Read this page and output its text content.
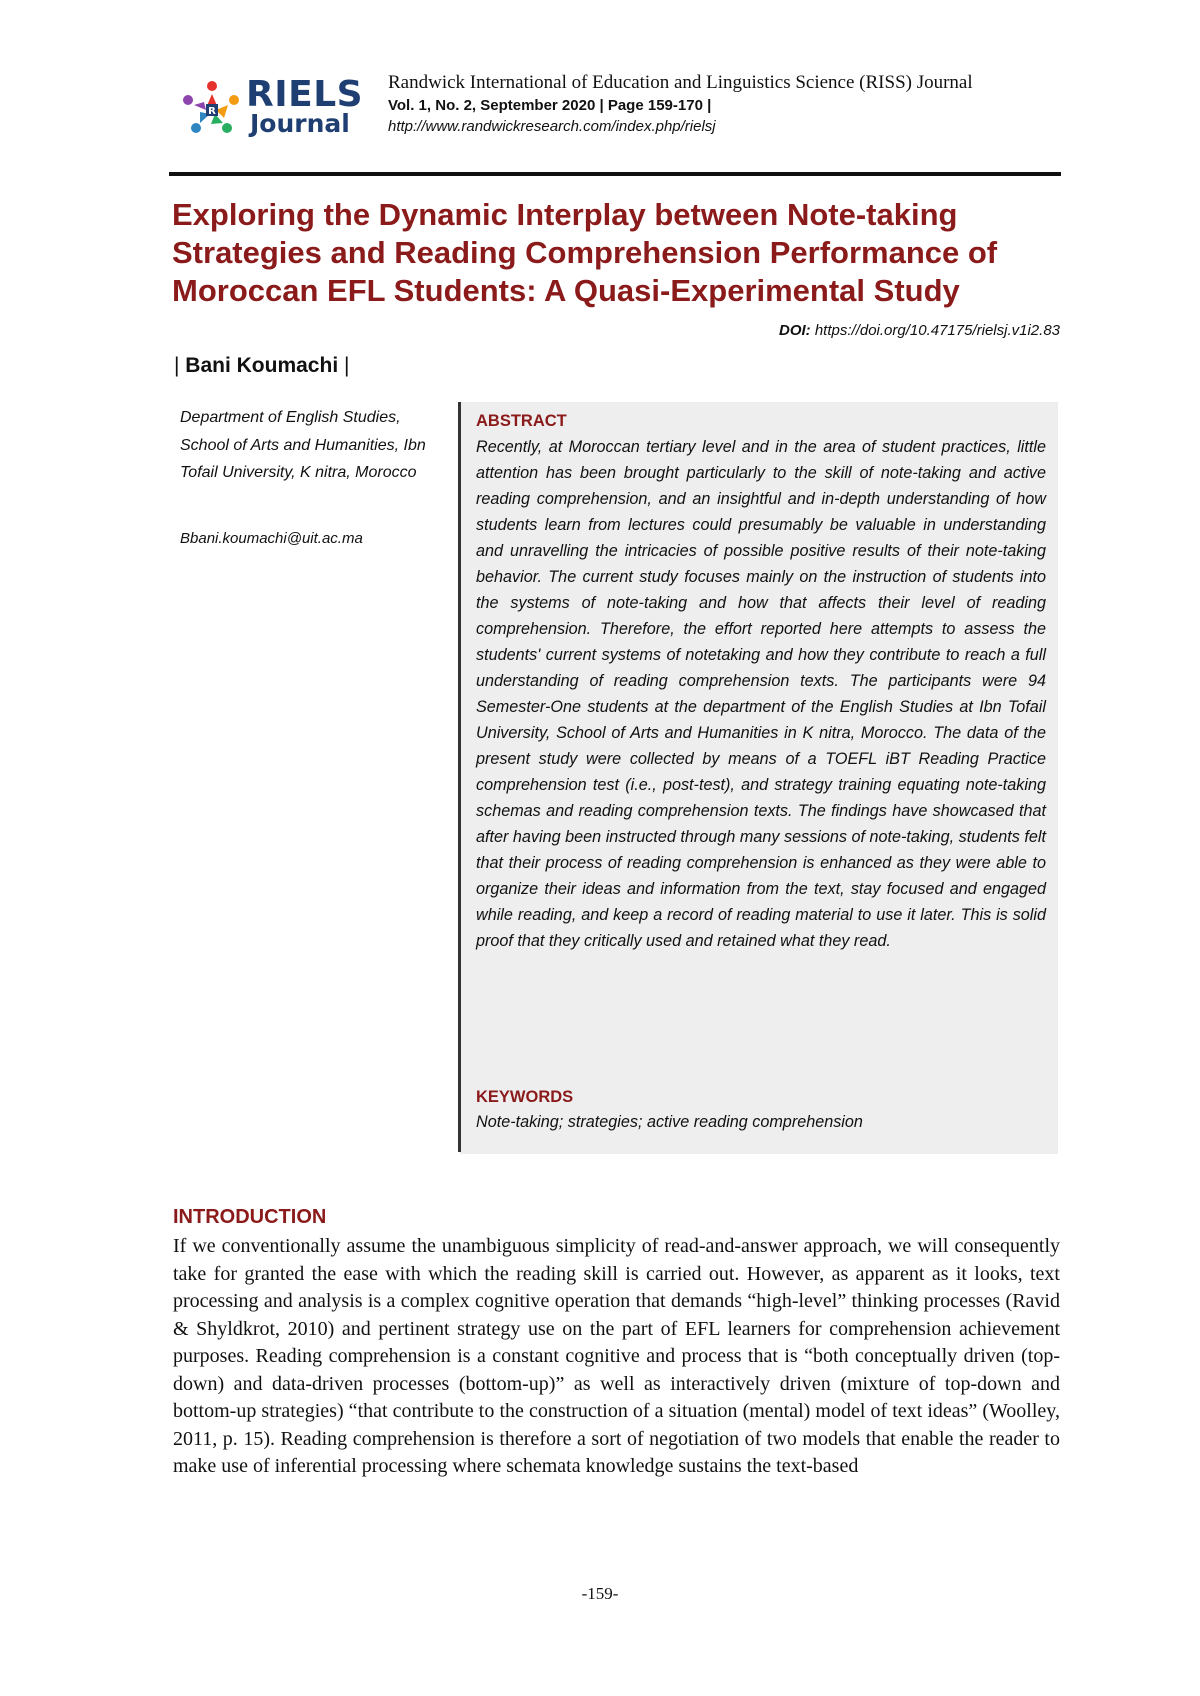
R RIELS
Journal
Randwick International of Education and Linguistics Science (RISS) Journal
Vol. 1, No. 2, September 2020 | Page 159-170 |
http://www.randwickresearch.com/index.php/rielsj
Exploring the Dynamic Interplay between Note-taking Strategies and Reading Comprehension Performance of Moroccan EFL Students: A Quasi-Experimental Study
DOI: https://doi.org/10.47175/rielsj.v1i2.83
| Bani Koumachi |
Department of English Studies, School of Arts and Humanities, Ibn Tofail University, K nitra, Morocco
Bbani.koumachi@uit.ac.ma
ABSTRACT
Recently, at Moroccan tertiary level and in the area of student practices, little attention has been brought particularly to the skill of note-taking and active reading comprehension, and an insightful and in-depth understanding of how students learn from lectures could presumably be valuable in understanding and unravelling the intricacies of possible positive results of their note-taking behavior. The current study focuses mainly on the instruction of students into the systems of note-taking and how that affects their level of reading comprehension. Therefore, the effort reported here attempts to assess the students' current systems of notetaking and how they contribute to reach a full understanding of reading comprehension texts. The participants were 94 Semester-One students at the department of the English Studies at Ibn Tofail University, School of Arts and Humanities in K nitra, Morocco. The data of the present study were collected by means of a TOEFL iBT Reading Practice comprehension test (i.e., post-test), and strategy training equating note-taking schemas and reading comprehension texts. The findings have showcased that after having been instructed through many sessions of note-taking, students felt that their process of reading comprehension is enhanced as they were able to organize their ideas and information from the text, stay focused and engaged while reading, and keep a record of reading material to use it later. This is solid proof that they critically used and retained what they read.
KEYWORDS
Note-taking; strategies; active reading comprehension
INTRODUCTION
If we conventionally assume the unambiguous simplicity of read-and-answer approach, we will consequently take for granted the ease with which the reading skill is carried out. However, as apparent as it looks, text processing and analysis is a complex cognitive operation that demands “high-level” thinking processes (Ravid & Shyldkrot, 2010) and pertinent strategy use on the part of EFL learners for comprehension achievement purposes. Reading comprehension is a constant cognitive and process that is “both conceptually driven (top-down) and data-driven processes (bottom-up)” as well as interactively driven (mixture of top-down and bottom-up strategies) “that contribute to the construction of a situation (mental) model of text ideas” (Woolley, 2011, p. 15). Reading comprehension is therefore a sort of negotiation of two models that enable the reader to make use of inferential processing where schemata knowledge sustains the text-based
-159-
